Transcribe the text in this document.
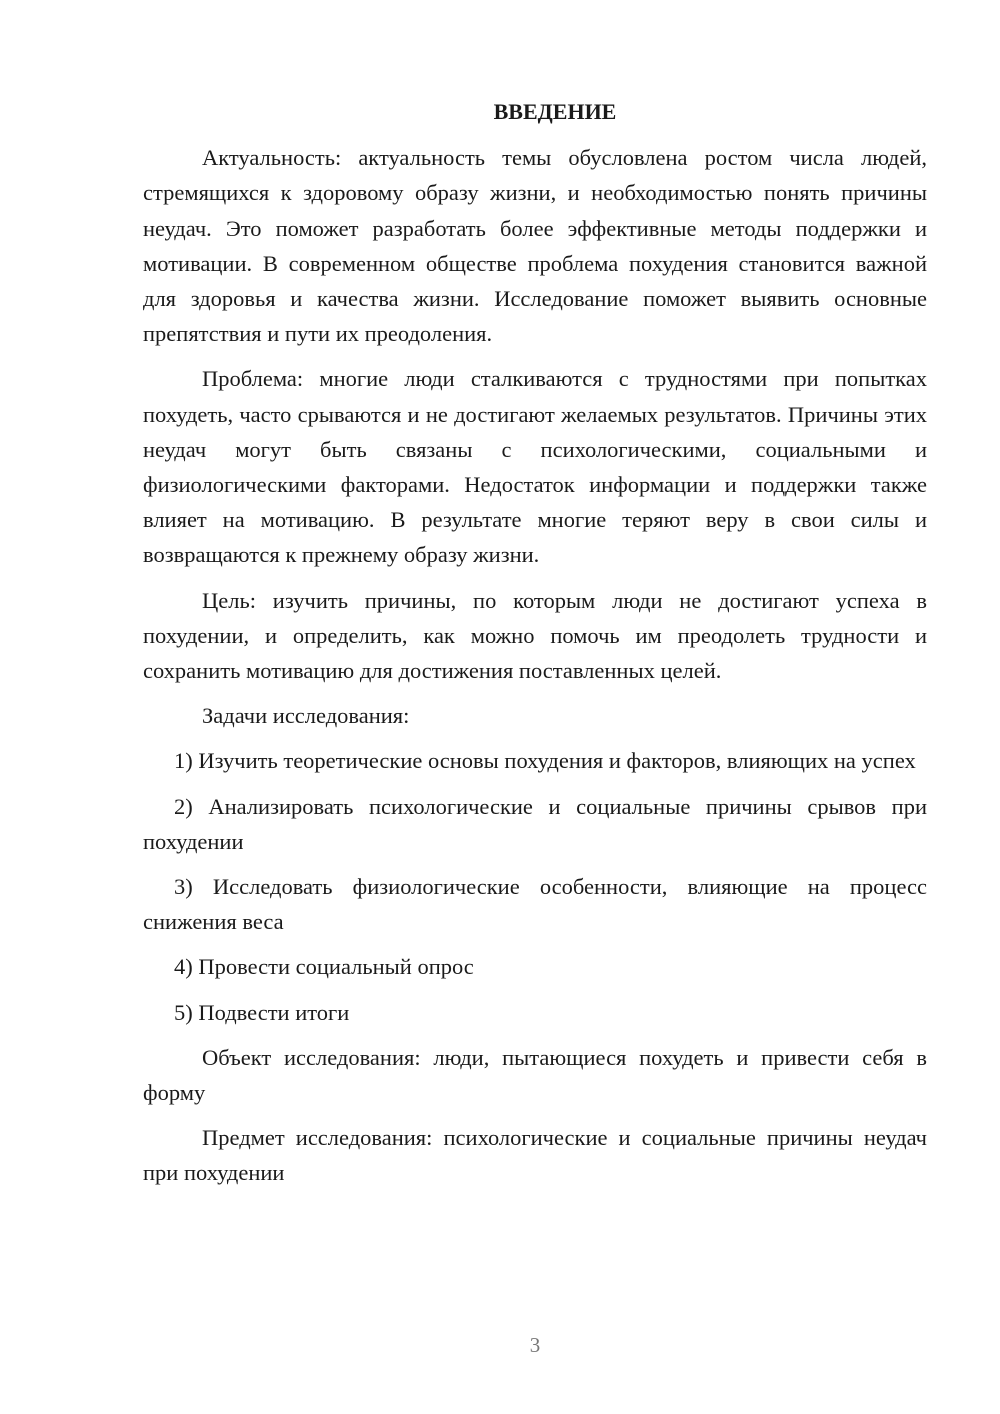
ВВЕДЕНИЕ

Актуальность: актуальность темы обусловлена ростом числа людей, стремящихся к здоровому образу жизни, и необходимостью понять причины неудач. Это поможет разработать более эффективные методы поддержки и мотивации. В современном обществе проблема похудения становится важной для здоровья и качества жизни. Исследование поможет выявить основные препятствия и пути их преодоления.

Проблема: многие люди сталкиваются с трудностями при попытках похудеть, часто срываются и не достигают желаемых результатов. Причины этих неудач могут быть связаны с психологическими, социальными и физиологическими факторами. Недостаток информации и поддержки также влияет на мотивацию. В результате многие теряют веру в свои силы и возвращаются к прежнему образу жизни.

Цель: изучить причины, по которым люди не достигают успеха в похудении, и определить, как можно помочь им преодолеть трудности и сохранить мотивацию для достижения поставленных целей.

Задачи исследования:

1) Изучить теоретические основы похудения и факторов, влияющих на успех

2) Анализировать психологические и социальные причины срывов при похудении

3) Исследовать физиологические особенности, влияющие на процесс снижения веса

4) Провести социальный опрос

5) Подвести итоги

Объект исследования: люди, пытающиеся похудеть и привести себя в форму

Предмет исследования: психологические и социальные причины неудач при похудении

3
